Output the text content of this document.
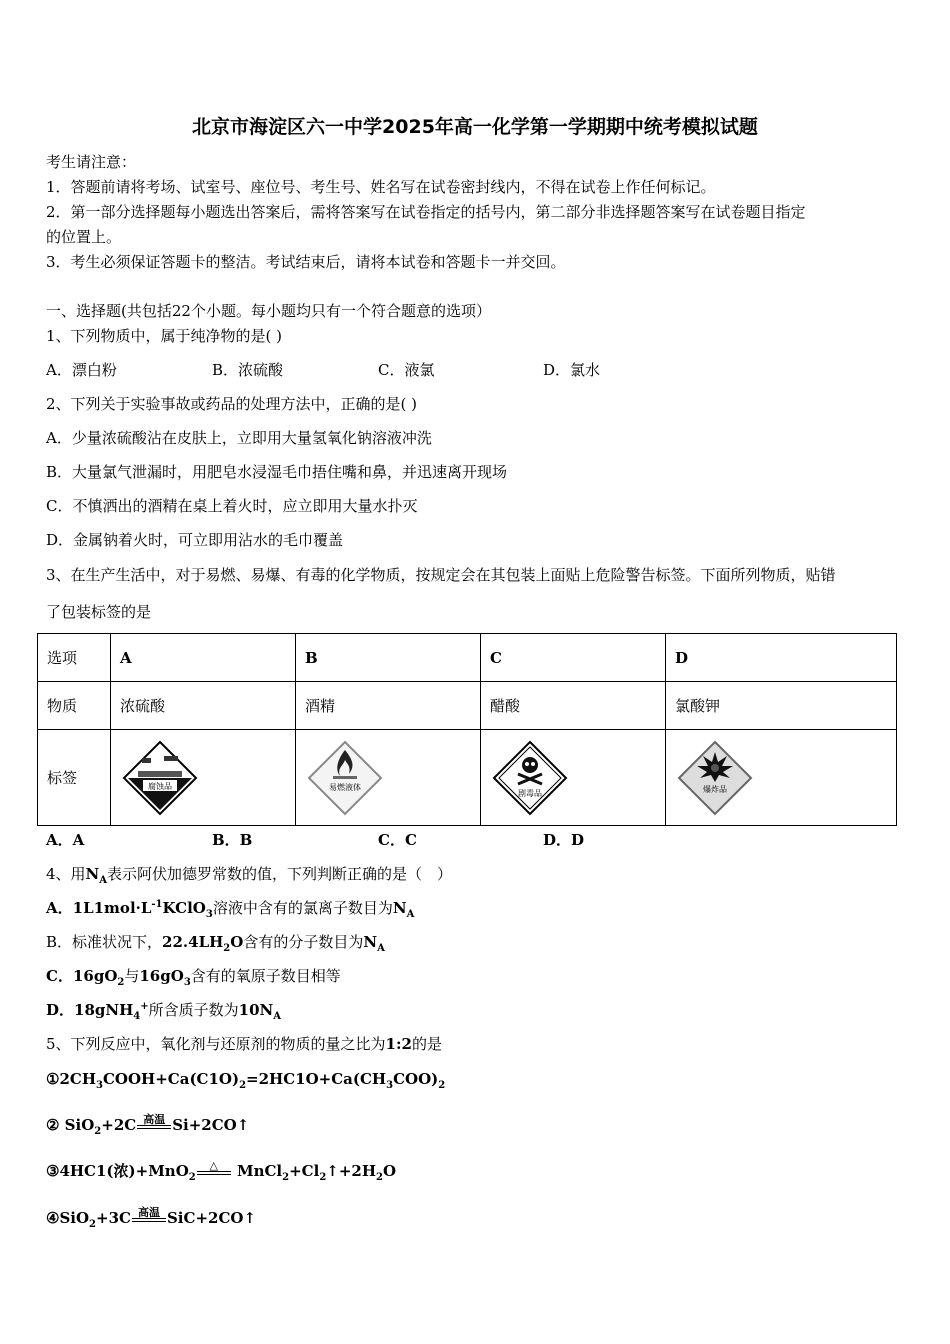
北京市海淀区六一中学2025年高一化学第一学期期中统考模拟试题
考生请注意：
1．答题前请将考场、试室号、座位号、考生号、姓名写在试卷密封线内，不得在试卷上作任何标记。
2．第一部分选择题每小题选出答案后，需将答案写在试卷指定的括号内，第二部分非选择题答案写在试卷题目指定
的位置上。
3．考生必须保证答题卡的整洁。考试结束后，请将本试卷和答题卡一并交回。
一、选择题(共包括22个小题。每小题均只有一个符合题意的选项）
1、下列物质中，属于纯净物的是( )
A．漂白粉	B．浓硫酸	C．液氯	D．氯水
2、下列关于实验事故或药品的处理方法中，正确的是( )
A．少量浓硫酸沾在皮肤上，立即用大量氢氧化钠溶液冲洗
B．大量氯气泄漏时，用肥皂水浸湿毛巾捂住嘴和鼻，并迅速离开现场
C．不慎洒出的酒精在桌上着火时，应立即用大量水扑灭
D．金属钠着火时，可立即用沾水的毛巾覆盖
3、在生产生活中，对于易燃、易爆、有毒的化学物质，按规定会在其包装上面贴上危险警告标签。下面所列物质，贴错
了包装标签的是
选项	A	B	C	D
物质	浓硫酸	酒精	醋酸	氯酸钾
标签	腐蚀品	易燃液体	剧毒品	爆炸品
A．A	B．B	C．C	D．D
4、用$N_A$表示阿伏加德罗常数的值，下列判断正确的是（　）
A．$1L1mol\cdot L^{-1}KClO_3$溶液中含有的氯离子数目为$N_A$
B．标准状况下，$22.4LH_2O$含有的分子数目为$N_A$
C．$16gO_2$与$16gO_3$含有的氧原子数目相等
D．18gNH$_4$+所含质子数为$10N_A$
5、下列反应中，氧化剂与还原剂的物质的量之比为1:2的是
$①2CH_3COOH+Ca(C1O)_2=2HC1O+Ca(CH_3COO)_2$
② SiO$_2$+2C 高温 Si+2CO↑
③4HC1(浓)+MnO$_2$
△ $MnCl_2+Cl_2↑+2H_2O$
④SiO$_2$+3C 高温 SiC+2CO↑
